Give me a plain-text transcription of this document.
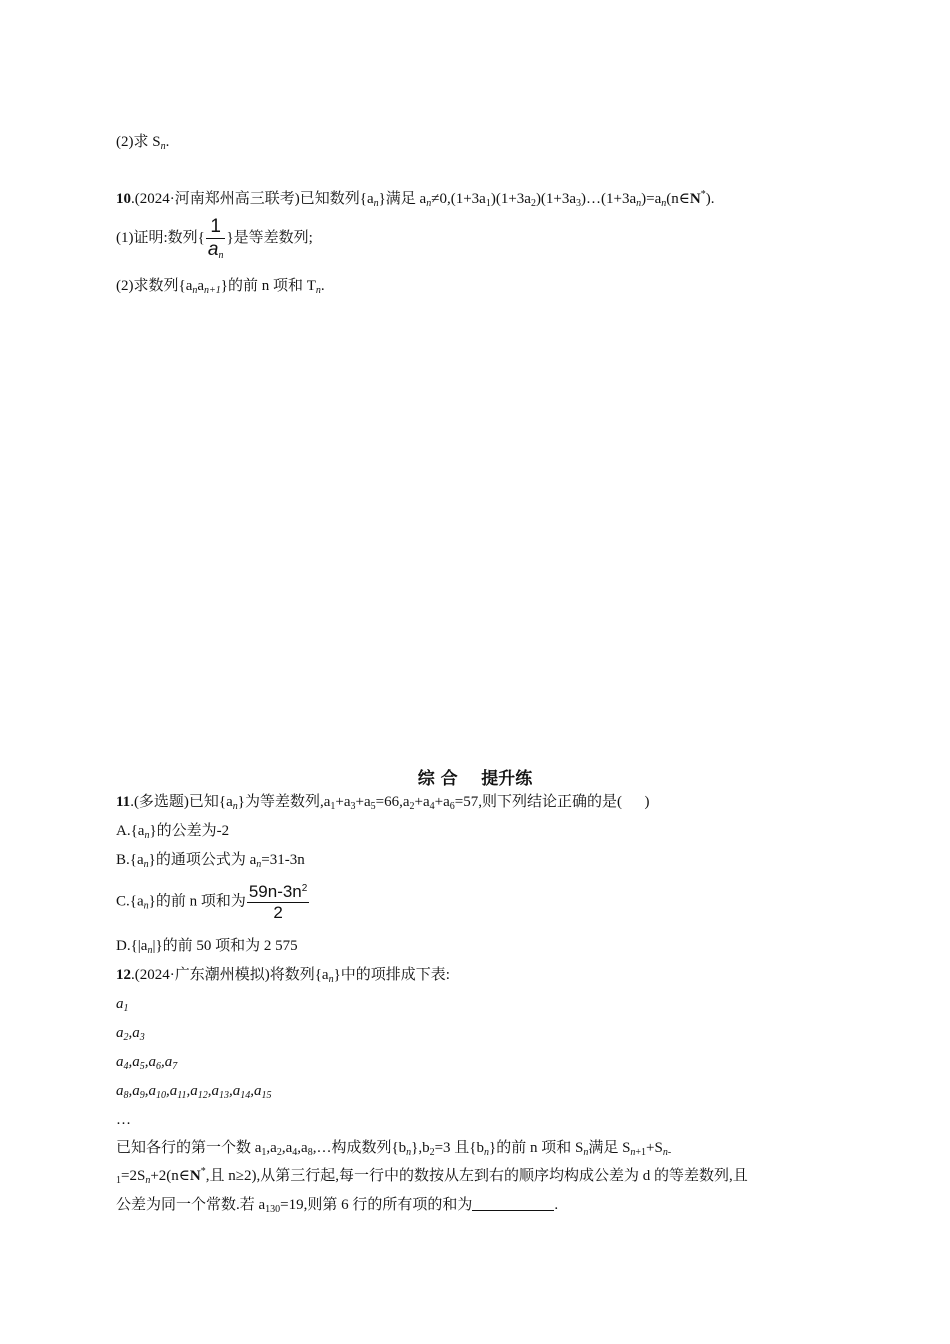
(2)求 $S_n$.
10.(2024·河南郑州高三联考)已知数列$\{a_n\}$满足 $a_n\ne 0,(1+3a_1)(1+3a_2)(1+3a_3)\dots(1+3a_n)=a_n(n\in N^*)$.
(1)证明:数列{ $\frac{1}{a_n}$ }是等差数列;
(2)求数列$\{a_na_{n+1}\}$的前 n 项和 $T_n$.
综 合    提升练
11.(多选题)已知$\{a_n\}$为等差数列$,a_1+a_3+a_5=66,a_2+a_4+a_6=57$,则下列结论正确的是(      )
$A.\{a_n\}$的公差为-2
$B.\{a_n\}$的通项公式为 $a_n=31-3n$
$C.\{a_n\}$的前 n 项和为 $\frac{59n-3n^2}{2}$
$D.\{|a_n|\}$的前 50 项和为 2 575
12.(2024·广东潮州模拟)将数列$\{a_n\}$中的项排成下表:
$a_1$
$a_2,a_3$
$a_4,a_5,a_6,a_7$
$a_8,a_9,a_{10},a_{11},a_{12},a_{13},a_{14},a_{15}$
…
已知各行的第一个数 $a_1,a_2,a_4,a_8,\dots$构成数列$\{b_n\},b_2=3$ 且$\{b_n\}$的前 n 项和 $S_n$满足 $S_{n+1}+S_{n-}$
$_1=2S_n+2(n\in N^*$,且 n≥2),从第三行起,每一行中的数按从左到右的顺序均构成公差为 d 的等差数列,且
公差为同一个常数.若 $a_{130}=19$,则第 6 行的所有项的和为	.
